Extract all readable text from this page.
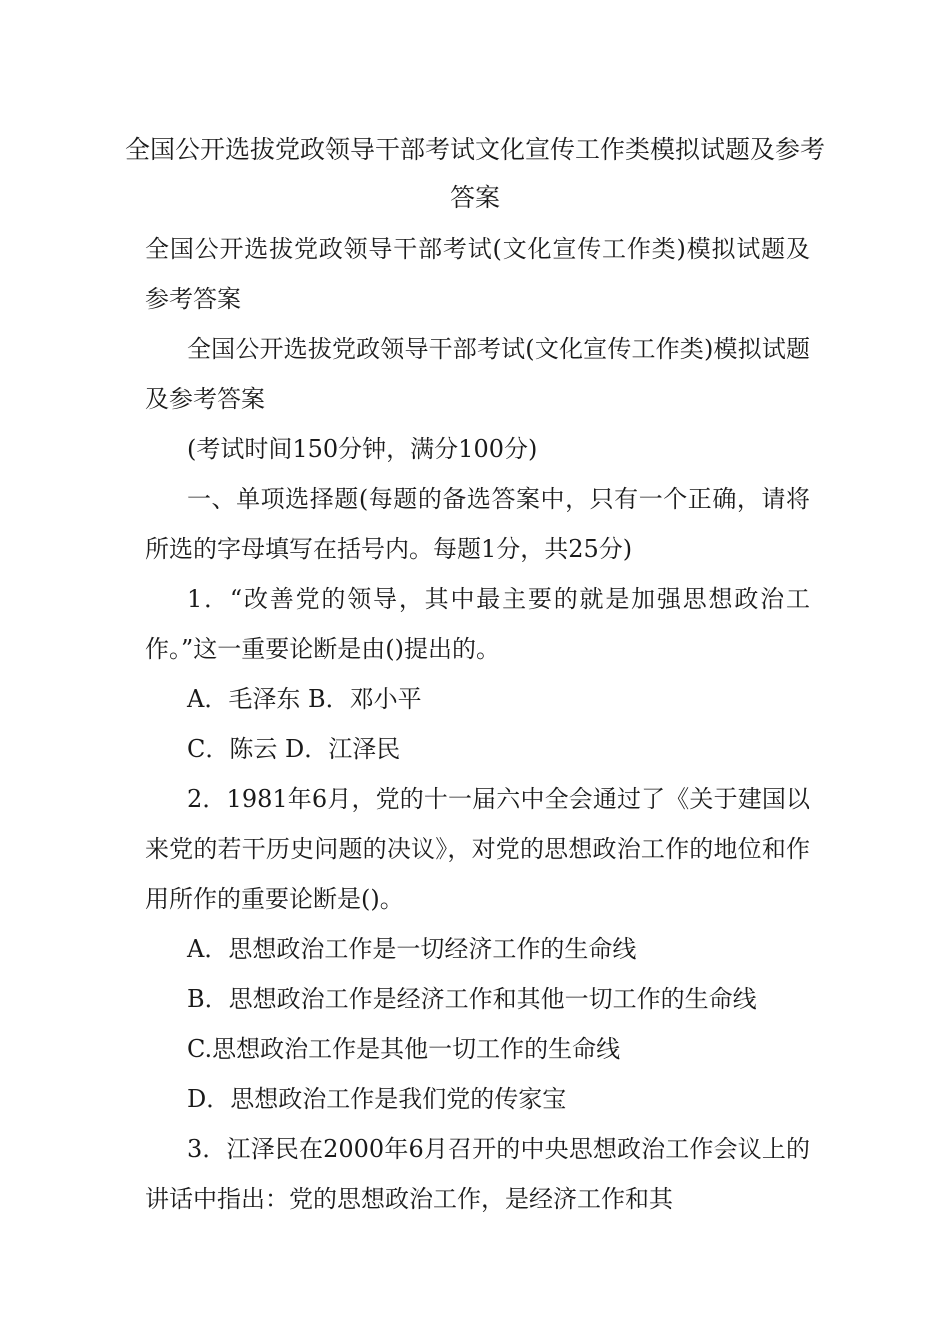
全国公开选拔党政领导干部考试文化宣传工作类模拟试题及参考答案

全国公开选拔党政领导干部考试(文化宣传工作类)模拟试题及参考答案

全国公开选拔党政领导干部考试(文化宣传工作类)模拟试题及参考答案

(考试时间150分钟，满分100分)

一、单项选择题(每题的备选答案中，只有一个正确，请将所选的字母填写在括号内。每题1分，共25分)

1．“改善党的领导，其中最主要的就是加强思想政治工作。”这一重要论断是由()提出的。

A．毛泽东 B．邓小平

C．陈云 D．江泽民

2．1981年6月，党的十一届六中全会通过了《关于建国以来党的若干历史问题的决议》，对党的思想政治工作的地位和作用所作的重要论断是()。

A．思想政治工作是一切经济工作的生命线

B．思想政治工作是经济工作和其他一切工作的生命线

C.思想政治工作是其他一切工作的生命线

D．思想政治工作是我们党的传家宝

3．江泽民在2000年6月召开的中央思想政治工作会议上的讲话中指出：党的思想政治工作，是经济工作和其
